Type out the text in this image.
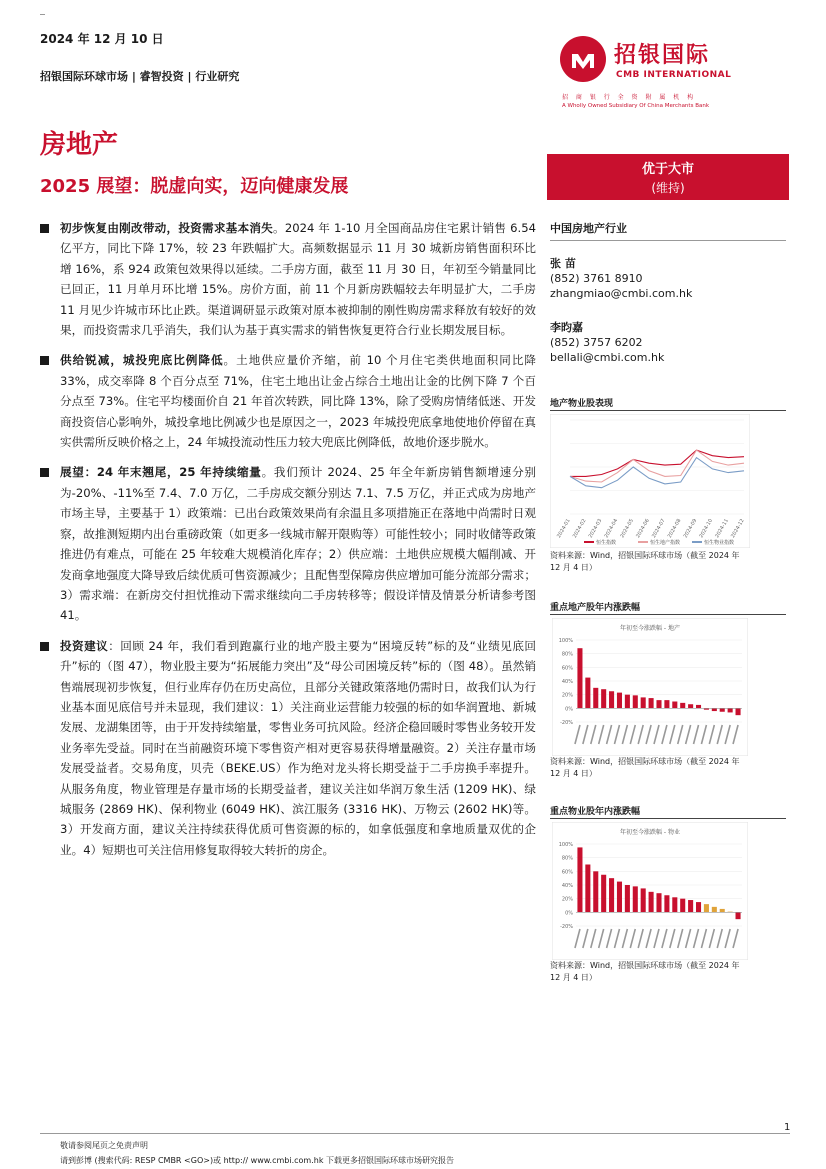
2024 年 12 月 10 日
招银国际环球市场 | 睿智投资 | 行业研究
招银国际
CMB INTERNATIONAL
招 商 银 行 全 资 附 属 机 构
A Wholly Owned Subsidiary Of China Merchants Bank
房地产
2025 展望：脱虚向实，迈向健康发展
优于大市
(维持)
初步恢复由刚改带动，投资需求基本消失。2024 年 1-10 月全国商品房住宅累计销售 6.54 亿平方，同比下降 17%，较 23 年跌幅扩大。高频数据显示 11 月 30 城新房销售面积环比增 16%，系 924 政策包效果得以延续。二手房方面，截至 11 月 30 日，年初至今销量同比已回正，11 月单月环比增 15%。房价方面，前 11 个月新房跌幅较去年明显扩大，二手房 11 月见少许城市环比止跌。渠道调研显示政策对原本被抑制的刚性购房需求释放有较好的效果，而投资需求几乎消失，我们认为基于真实需求的销售恢复更符合行业长期发展目标。
供给锐减，城投兜底比例降低。土地供应量价齐缩，前 10 个月住宅类供地面积同比降 33%，成交率降 8 个百分点至 71%，住宅土地出让金占综合土地出让金的比例下降 7 个百分点至 73%。住宅平均楼面价自 21 年首次转跌，同比降 13%，除了受购房情绪低迷、开发商投资信心影响外，城投拿地比例减少也是原因之一，2023 年城投兜底拿地使地价停留在真实供需所反映价格之上，24 年城投流动性压力较大兜底比例降低，故地价逐步脱水。
展望：24 年末翘尾，25 年持续缩量。我们预计 2024、25 年全年新房销售额增速分别为-20%、-11%至 7.4、7.0 万亿，二手房成交额分别达 7.1、7.5 万亿，并正式成为房地产市场主导，主要基于 1）政策端：已出台政策效果尚有余温且多项措施正在落地中尚需时日观察，故推测短期内出台重磅政策（如更多一线城市解开限购等）可能性较小；同时收储等政策推进仍有难点，可能在 25 年较难大规模消化库存；2）供应端：土地供应规模大幅削减、开发商拿地强度大降导致后续优质可售资源减少；且配售型保障房供应增加可能分流部分需求；3）需求端：在新房交付担忧推动下需求继续向二手房转移等；假设详情及情景分析请参考图 41。
投资建议：回顾 24 年，我们看到跑赢行业的地产股主要为“困境反转”标的及“业绩见底回升”标的（图 47），物业股主要为“拓展能力突出”及“母公司困境反转”标的（图 48）。虽然销售端展现初步恢复，但行业库存仍在历史高位，且部分关键政策落地仍需时日，故我们认为行业基本面见底信号并未显现，我们建议：1）关注商业运营能力较强的标的如华润置地、新城发展、龙湖集团等，由于开发持续缩量，零售业务可抗风险。经济企稳回暖时零售业务较开发业务率先受益。同时在当前融资环境下零售资产相对更容易获得增量融资。2）关注存量市场发展受益者。交易角度，贝壳（BEKE.US）作为绝对龙头将长期受益于二手房换手率提升。从服务角度，物业管理是存量市场的长期受益者，建议关注如华润万象生活 (1209 HK)、绿城服务 (2869 HK)、保利物业 (6049 HK)、滨江服务 (3316 HK)、万物云 (2602 HK)等。3）开发商方面，建议关注持续获得优质可售资源的标的，如拿低强度和拿地质量双优的企业。4）短期也可关注信用修复取得较大转折的房企。
中国房地产行业
张 苗
(852) 3761 8910
zhangmiao@cmbi.com.hk
李昀嘉
(852) 3757 6202
bellali@cmbi.com.hk
地产物业股表现
2024-01 2024-02 2024-03 2024-04 2024-05 2024-06 2024-07 2024-08 2024-09 2024-10 2024-11 2024-12
恒生指数	恒生地产指数	恒生物业指数
资料来源：Wind，招银国际环球市场（截至 2024 年 12 月 4 日）
重点地产股年内涨跌幅
年初至今涨跌幅 - 地产
100%
80%
60%
40%
20%
0%
-20%
资料来源：Wind，招银国际环球市场（截至 2024 年 12 月 4 日）
重点物业股年内涨跌幅
年初至今涨跌幅 - 物业
100%
80%
60%
40%
20%
0%
-20%
资料来源：Wind，招银国际环球市场（截至 2024 年 12 月 4 日）
1
敬请参阅尾页之免责声明
请到彭博 (搜索代码: RESP CMBR <GO>)或 http:// www.cmbi.com.hk 下载更多招银国际环球市场研究报告
